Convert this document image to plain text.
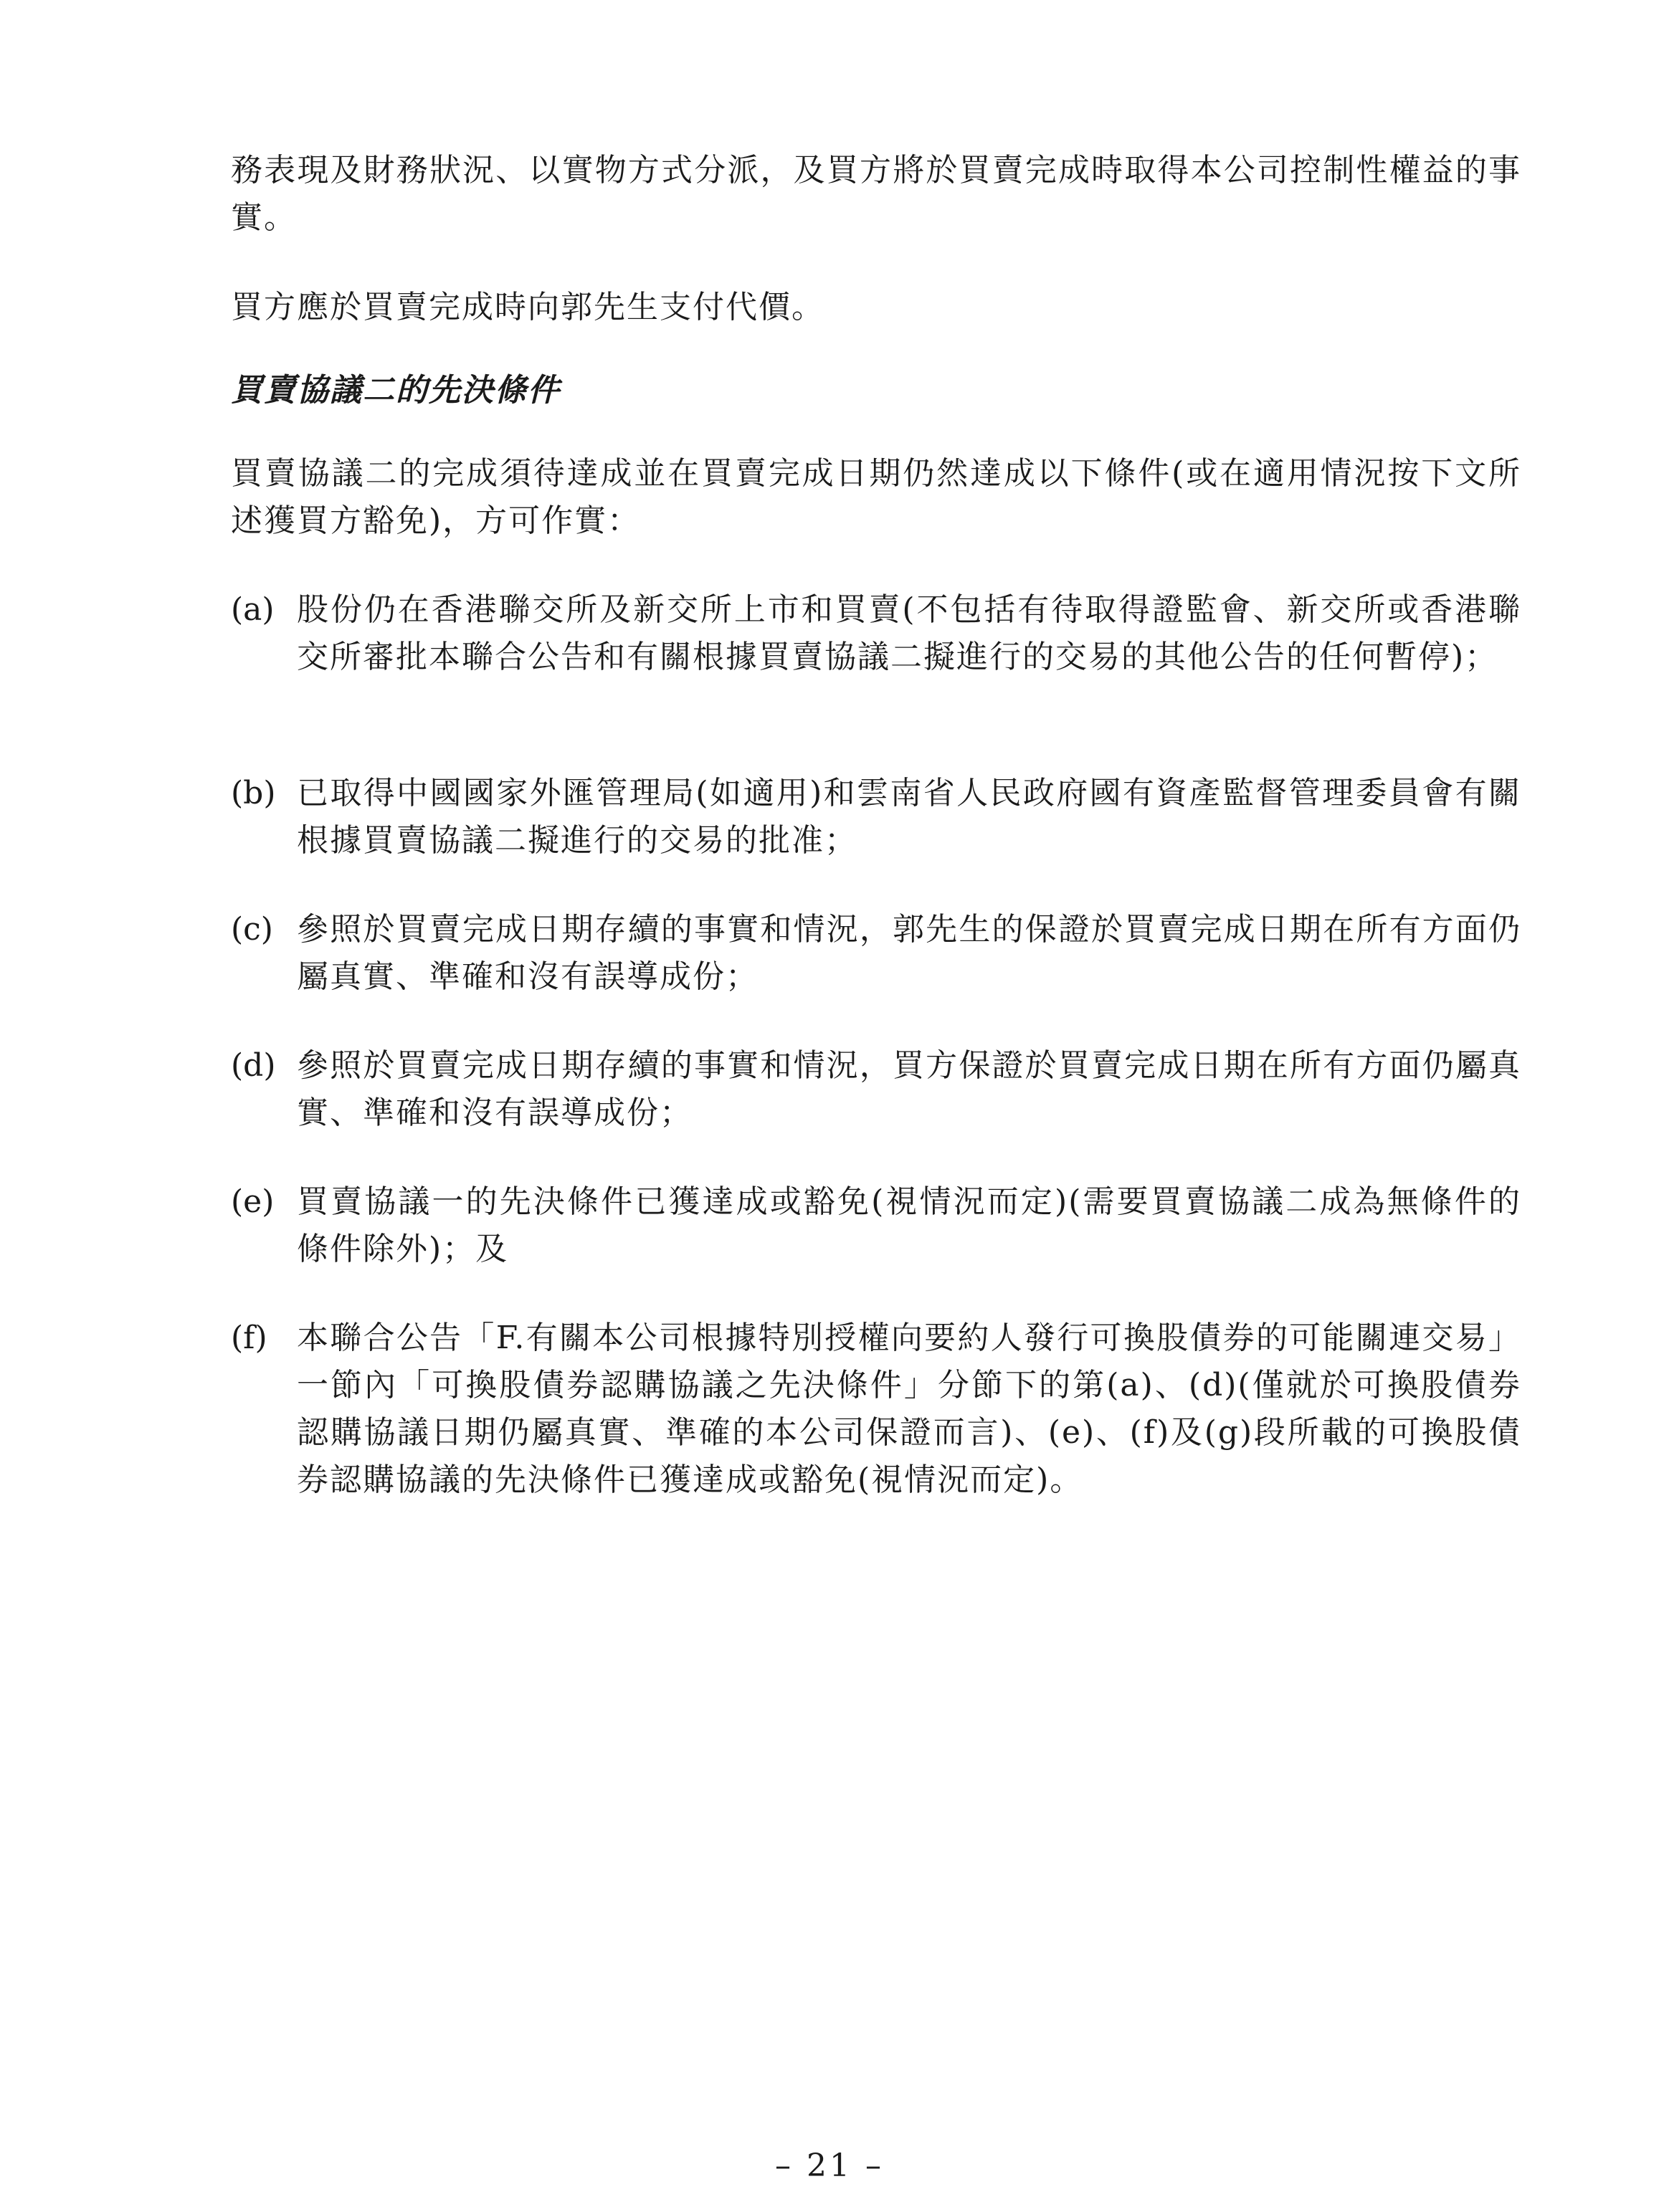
務表現及財務狀況、以實物方式分派，及買方將於買賣完成時取得本公司控制性權益的事實。

買方應於買賣完成時向郭先生支付代價。

買賣協議二的先決條件

買賣協議二的完成須待達成並在買賣完成日期仍然達成以下條件(或在適用情況按下文所述獲買方豁免)，方可作實：

(a) 股份仍在香港聯交所及新交所上市和買賣(不包括有待取得證監會、新交所或香港聯交所審批本聯合公告和有關根據買賣協議二擬進行的交易的其他公告的任何暫停)；
(b) 已取得中國國家外匯管理局(如適用)和雲南省人民政府國有資產監督管理委員會有關根據買賣協議二擬進行的交易的批准；
(c) 參照於買賣完成日期存續的事實和情況，郭先生的保證於買賣完成日期在所有方面仍屬真實、準確和沒有誤導成份；
(d) 參照於買賣完成日期存續的事實和情況，買方保證於買賣完成日期在所有方面仍屬真實、準確和沒有誤導成份；
(e) 買賣協議一的先決條件已獲達成或豁免(視情況而定)(需要買賣協議二成為無條件的條件除外)；及
(f) 本聯合公告「F.有關本公司根據特別授權向要約人發行可換股債券的可能關連交易」一節內「可換股債券認購協議之先決條件」分節下的第(a)、(d)(僅就於可換股債券認購協議日期仍屬真實、準確的本公司保證而言)、(e)、(f)及(g)段所載的可換股債券認購協議的先決條件已獲達成或豁免(視情況而定)。
– 21 –
